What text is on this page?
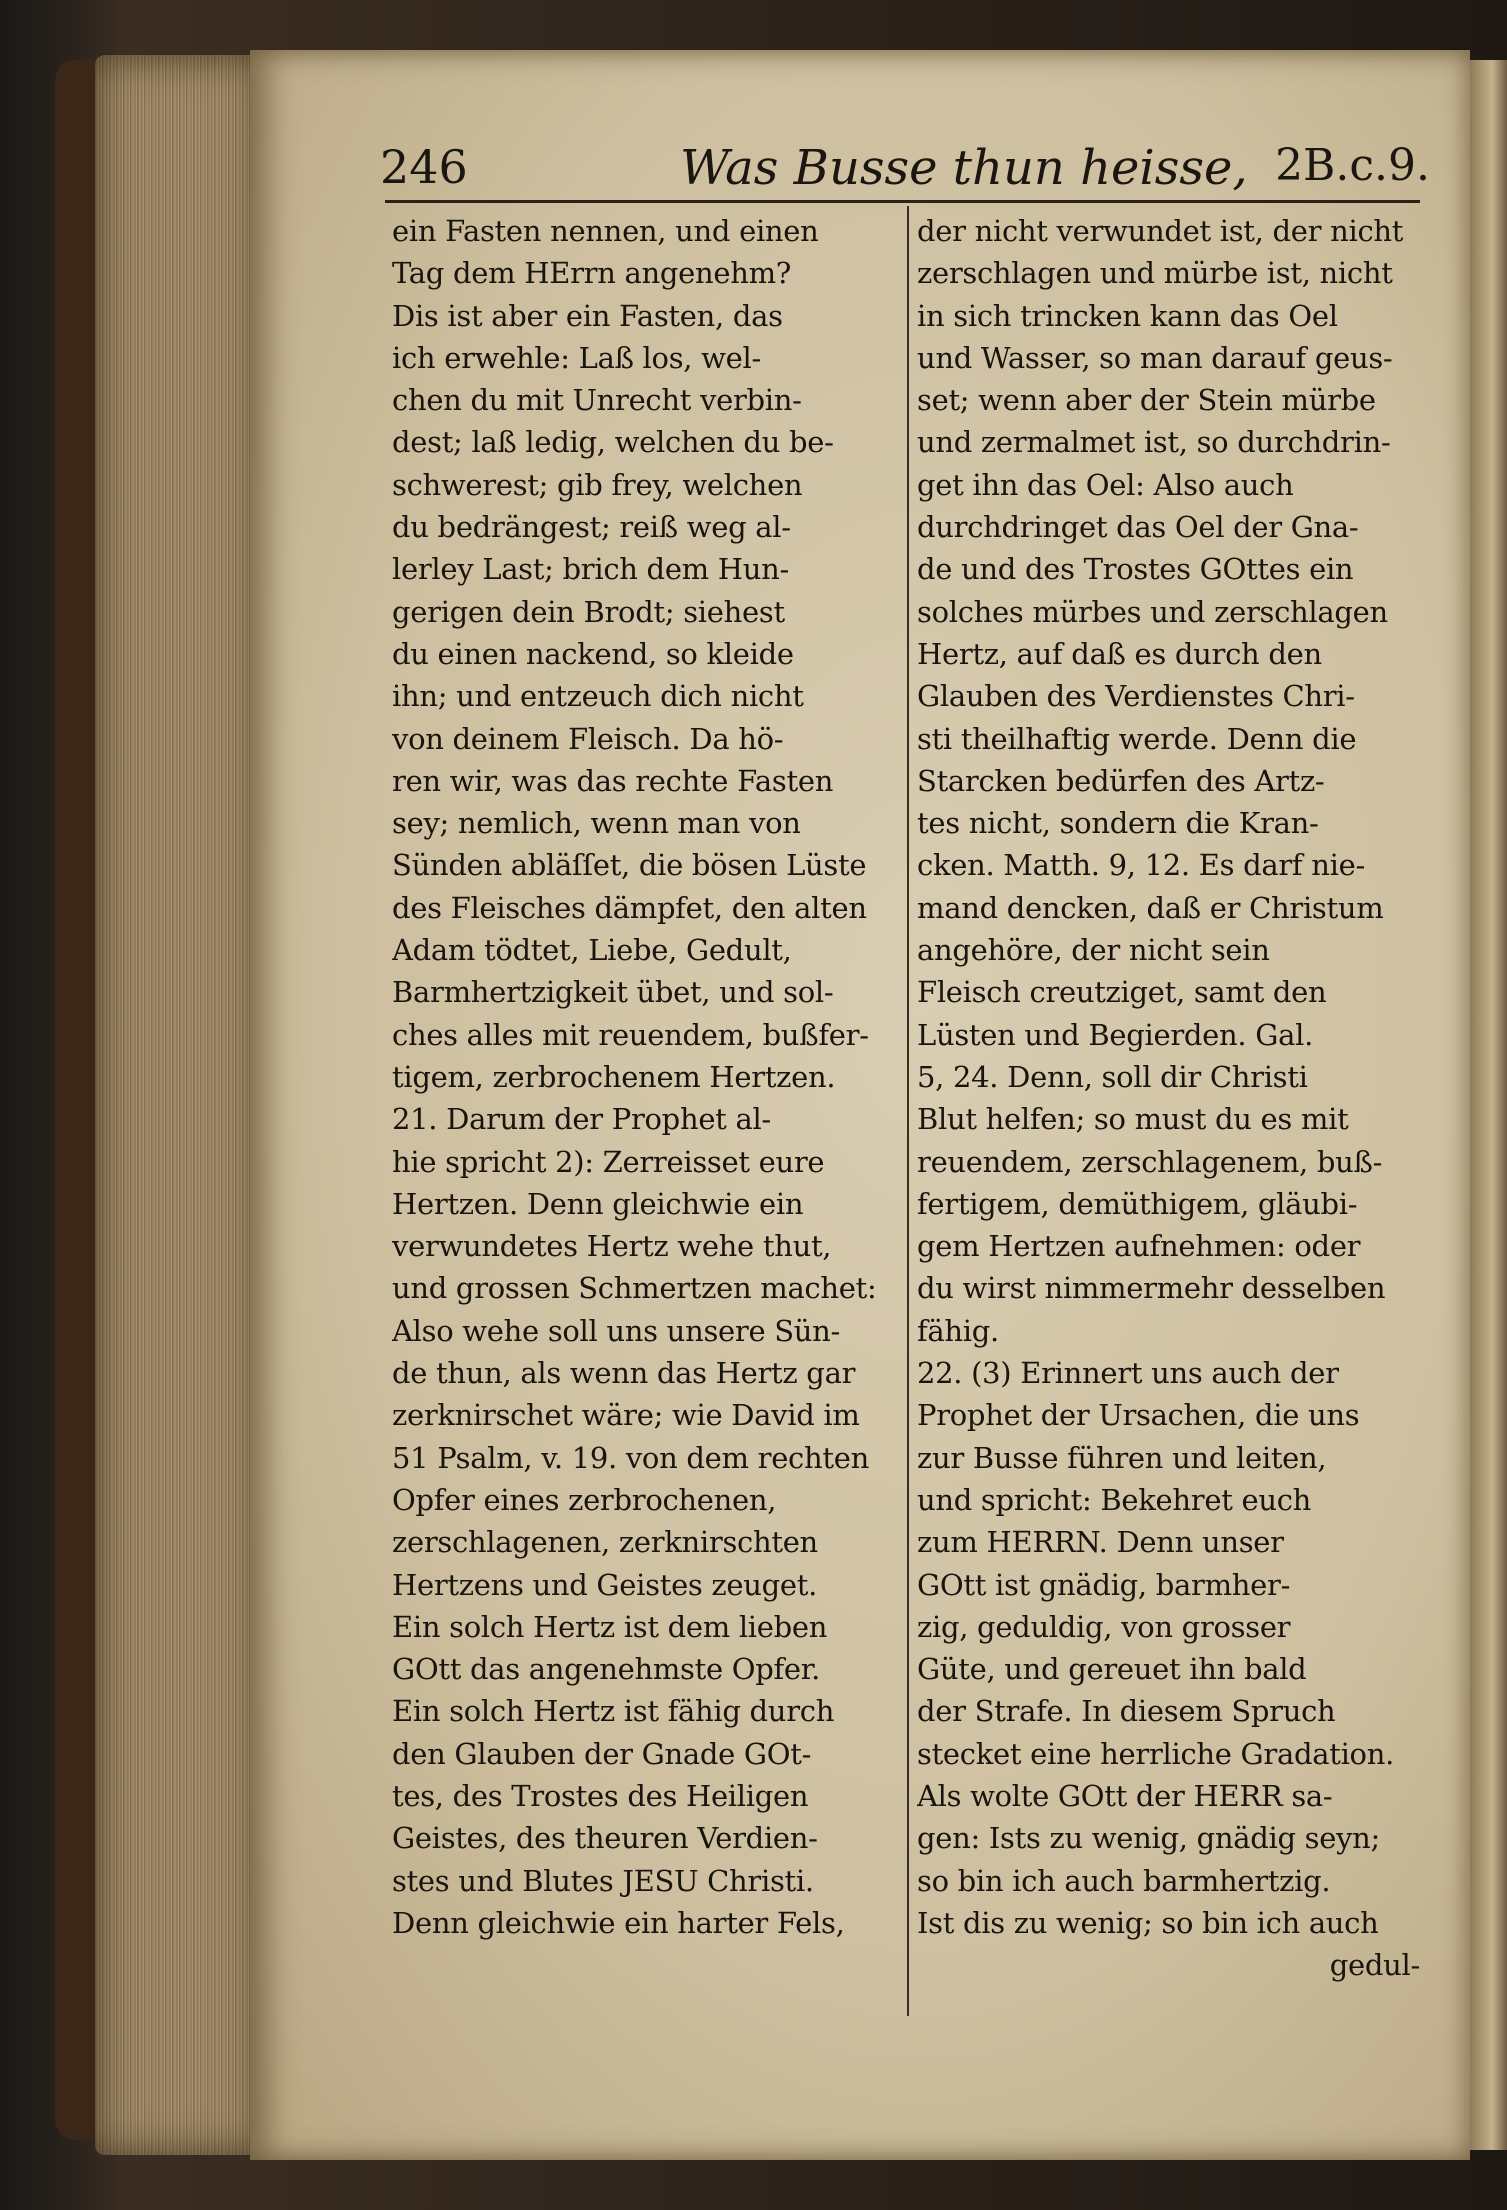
246	Was Busse thun heisse, 2B.c.9.
ein Fasten nennen, und einen
Tag dem HErrn angenehm?
Dis ist aber ein Fasten, das
ich erwehle: Laß los, wel-
chen du mit Unrecht verbin-
dest; laß ledig, welchen du be-
schwerest; gib frey, welchen
du bedrängest; reiß weg al-
lerley Last; brich dem Hun-
gerigen dein Brodt; siehest
du einen nackend, so kleide
ihn; und entzeuch dich nicht
von deinem Fleisch. Da hö-
ren wir, was das rechte Fasten
sey; nemlich, wenn man von
Sünden abläſſet, die bösen Lüste
des Fleisches dämpfet, den alten
Adam tödtet, Liebe, Gedult,
Barmhertzigkeit übet, und sol-
ches alles mit reuendem, bußfer-
tigem, zerbrochenem Hertzen.
21. Darum der Prophet al-
hie spricht 2): Zerreisset eure
Hertzen. Denn gleichwie ein
verwundetes Hertz wehe thut,
und grossen Schmertzen machet:
Also wehe soll uns unsere Sün-
de thun, als wenn das Hertz gar
zerknirschet wäre; wie David im
51 Psalm, v. 19. von dem rechten
Opfer eines zerbrochenen,
zerschlagenen, zerknirschten
Hertzens und Geistes zeuget.
Ein solch Hertz ist dem lieben
GOtt das angenehmste Opfer.
Ein solch Hertz ist fähig durch
den Glauben der Gnade GOt-
tes, des Trostes des Heiligen
Geistes, des theuren Verdien-
stes und Blutes JESU Christi.
Denn gleichwie ein harter Fels,
der nicht verwundet ist, der nicht
zerschlagen und mürbe ist, nicht
in sich trincken kann das Oel
und Wasser, so man darauf geus-
set; wenn aber der Stein mürbe
und zermalmet ist, so durchdrin-
get ihn das Oel: Also auch
durchdringet das Oel der Gna-
de und des Trostes GOttes ein
solches mürbes und zerschlagen
Hertz, auf daß es durch den
Glauben des Verdienstes Chri-
sti theilhaftig werde. Denn die
Starcken bedürfen des Artz-
tes nicht, sondern die Kran-
cken. Matth. 9, 12. Es darf nie-
mand dencken, daß er Christum
angehöre, der nicht sein
Fleisch creutziget, samt den
Lüsten und Begierden. Gal.
5, 24. Denn, soll dir Christi
Blut helfen; so must du es mit
reuendem, zerschlagenem, buß-
fertigem, demüthigem, gläubi-
gem Hertzen aufnehmen: oder
du wirst nimmermehr desselben
fähig.
22. (3) Erinnert uns auch der
Prophet der Ursachen, die uns
zur Busse führen und leiten,
und spricht: Bekehret euch
zum HERRN. Denn unser
GOtt ist gnädig, barmher-
zig, geduldig, von grosser
Güte, und gereuet ihn bald
der Strafe. In diesem Spruch
stecket eine herrliche Gradation.
Als wolte GOtt der HERR sa-
gen: Ists zu wenig, gnädig seyn;
so bin ich auch barmhertzig.
Ist dis zu wenig; so bin ich auch
gedul-
